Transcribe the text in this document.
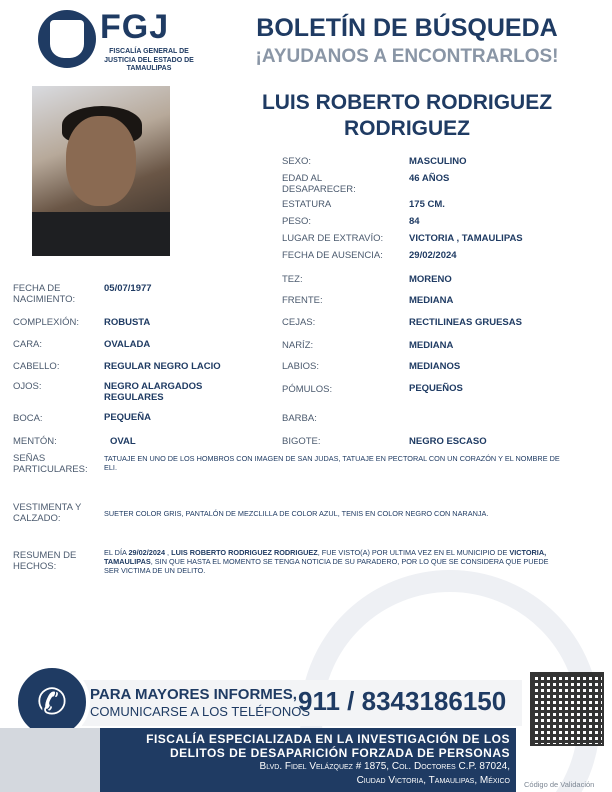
FGJ
FISCALÍA GENERAL DE JUSTICIA DEL ESTADO DE TAMAULIPAS
BOLETÍN DE BÚSQUEDA
¡AYUDANOS A ENCONTRARLOS!
LUIS ROBERTO RODRIGUEZ RODRIGUEZ
SEXO:	MASCULINO
EDAD AL DESAPARECER:
46 AÑOS
ESTATURA	175 CM.
PESO:	84
LUGAR DE EXTRAVÍO:	VICTORIA , TAMAULIPAS
FECHA DE AUSENCIA:	29/02/2024
TEZ:	MORENO
FRENTE:	MEDIANA
CEJAS:	RECTILINEAS GRUESAS
NARÍZ:	MEDIANA
LABIOS:	MEDIANOS
PÓMULOS:	PEQUEÑOS
BARBA:
BIGOTE:	NEGRO ESCASO
FECHA DE NACIMIENTO:
05/07/1977
COMPLEXIÓN:	ROBUSTA
CARA:	OVALADA
CABELLO:	REGULAR NEGRO LACIO
OJOS:	NEGRO ALARGADOS REGULARES
BOCA:	PEQUEÑA
MENTÓN:	OVAL
SEÑAS PARTICULARES:
TATUAJE EN UNO DE LOS HOMBROS CON IMAGEN DE SAN JUDAS, TATUAJE EN PECTORAL CON UN CORAZÓN Y EL NOMBRE DE ELI.
VESTIMENTA Y CALZADO:	SUETER COLOR GRIS, PANTALÓN DE MEZCLILLA DE COLOR AZUL, TENIS EN COLOR NEGRO CON NARANJA.
RESUMEN DE HECHOS:
EL DÍA 29/02/2024 , LUIS ROBERTO RODRIGUEZ RODRIGUEZ, FUE VISTO(A) POR ULTIMA VEZ EN EL MUNICIPIO DE VICTORIA, TAMAULIPAS, SIN QUE HASTA EL MOMENTO SE TENGA NOTICIA DE SU PARADERO, POR LO QUE SE CONSIDERA QUE PUEDE SER VICTIMA DE UN DELITO.
✆	PARA MAYORES INFORMES,
COMUNICARSE A LOS TELÉFONOS
911 / 8343186150
FISCALÍA ESPECIALIZADA EN LA INVESTIGACIÓN DE LOS
DELITOS DE DESAPARICIÓN FORZADA DE PERSONAS
Blvd. Fidel Velázquez # 1875, Col. Doctores C.P. 87024,
Ciudad Victoria, Tamaulipas, México Código de Validación
